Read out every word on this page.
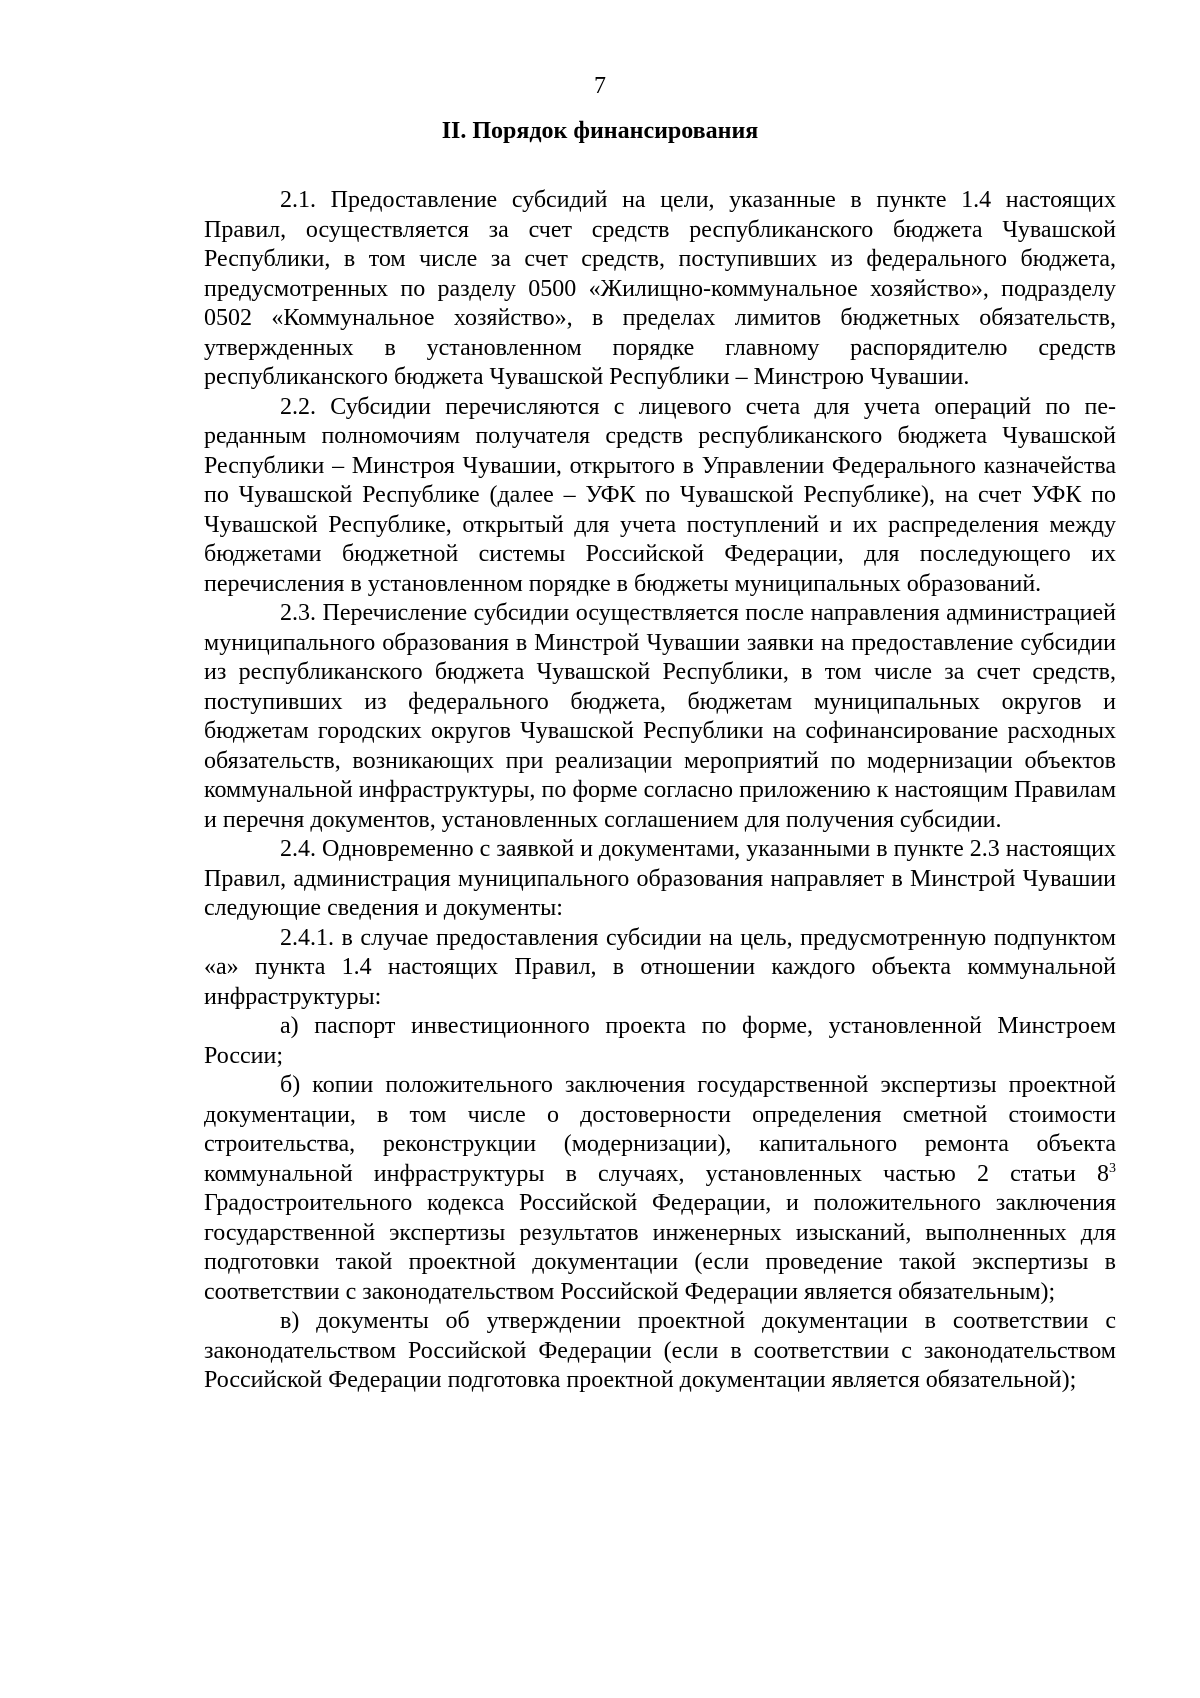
7
II. Порядок финансирования

2.1. Предоставление субсидий на цели, указанные в пункте 1.4 настоящих Правил, осуществляется за счет средств республиканского бюджета Чувашской Республики, в том числе за счет средств, поступивших из федерального бюджета, предусмотренных по разделу 0500 «Жилищно-коммунальное хозяйство», подразделу 0502 «Коммунальное хозяйство», в пределах лимитов бюджетных обязательств, утвержденных в установленном порядке главному распорядителю средств республиканского бюджета Чувашской Республики – Минстрою Чувашии.

2.2. Субсидии перечисляются с лицевого счета для учета операций по переданным полномочиям получателя средств республиканского бюджета Чувашской Республики – Минстроя Чувашии, открытого в Управлении Федерального казначейства по Чувашской Республике (далее – УФК по Чувашской Республике), на счет УФК по Чувашской Республике, открытый для учета поступлений и их распределения между бюджетами бюджетной системы Российской Федерации, для последующего их перечисления в установленном порядке в бюджеты муниципальных образований.

2.3. Перечисление субсидии осуществляется после направления администрацией муниципального образования в Минстрой Чувашии заявки на предоставление субсидии из республиканского бюджета Чувашской Республики, в том числе за счет средств, поступивших из федерального бюджета, бюджетам муниципальных округов и бюджетам городских округов Чувашской Республики на софинансирование расходных обязательств, возникающих при реализации мероприятий по модернизации объектов коммунальной инфраструктуры, по форме согласно приложению к настоящим Правилам и перечня документов, установленных соглашением для получения субсидии.

2.4. Одновременно с заявкой и документами, указанными в пункте 2.3 настоящих Правил, администрация муниципального образования направляет в Минстрой Чувашии следующие сведения и документы:

2.4.1. в случае предоставления субсидии на цель, предусмотренную подпунктом «а» пункта 1.4 настоящих Правил, в отношении каждого объекта коммунальной инфраструктуры:

а) паспорт инвестиционного проекта по форме, установленной Минстроем России;

б) копии положительного заключения государственной экспертизы проектной документации, в том числе о достоверности определения сметной стоимости строительства, реконструкции (модернизации), капитального ремонта объекта коммунальной инфраструктуры в случаях, установленных частью 2 статьи $8^3$ Градостроительного кодекса Российской Федерации, и положительного заключения государственной экспертизы результатов инженерных изысканий, выполненных для подготовки такой проектной документации (если проведение такой экспертизы в соответствии с законодательством Российской Федерации является обязательным);

в) документы об утверждении проектной документации в соответствии с законодательством Российской Федерации (если в соответствии с законодательством Российской Федерации подготовка проектной документации является обязательной);
